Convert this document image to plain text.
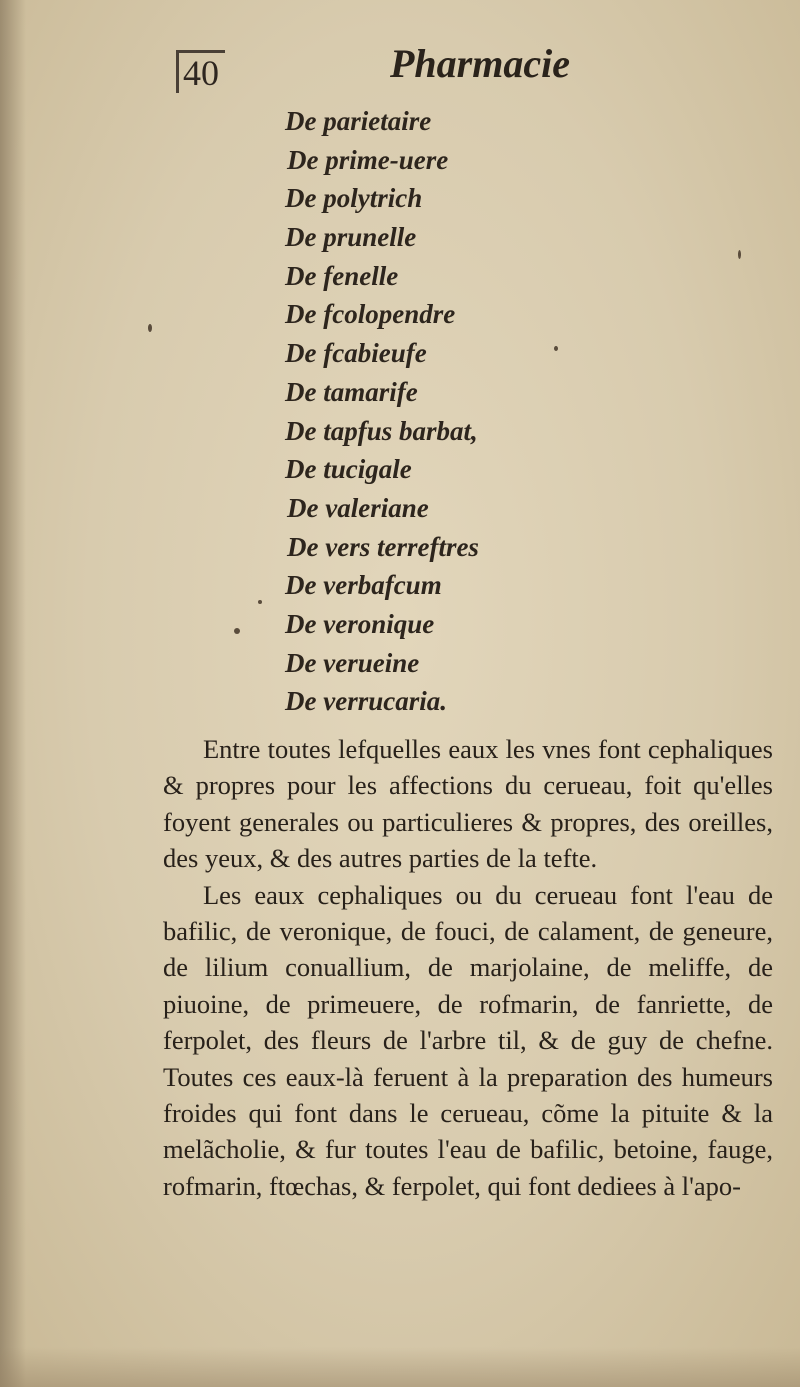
40	Pharmacie
De parietaire
De prime-uere
De polytrich
De prunelle
De fenelle
De fcolopendre
De fcabieufe
De tamarife
De tapfus barbat,
De tucigale
De valeriane
De vers terreftres
De verbafcum
De veronique
De verueine
De verrucaria.

Entre toutes lefquelles eaux les vnes font cephaliques & propres pour les affections du cerueau, foit qu'elles foyent generales ou particulieres & propres, des oreilles, des yeux, & des autres parties de la tefte.

Les eaux cephaliques ou du cerueau font l'eau de bafilic, de veronique, de fouci, de calament, de geneure, de lilium conuallium, de marjolaine, de meliffe, de piuoine, de primeuere, de rofmarin, de fanriette, de ferpolet, des fleurs de l'arbre til, & de guy de chefne. Toutes ces eaux-là feruent à la preparation des humeurs froides qui font dans le cerueau, cõme la pituite & la melãcholie, & fur toutes l'eau de bafilic, betoine, fauge, rofmarin, ftœchas, & ferpolet, qui font dediees à l'apo-
